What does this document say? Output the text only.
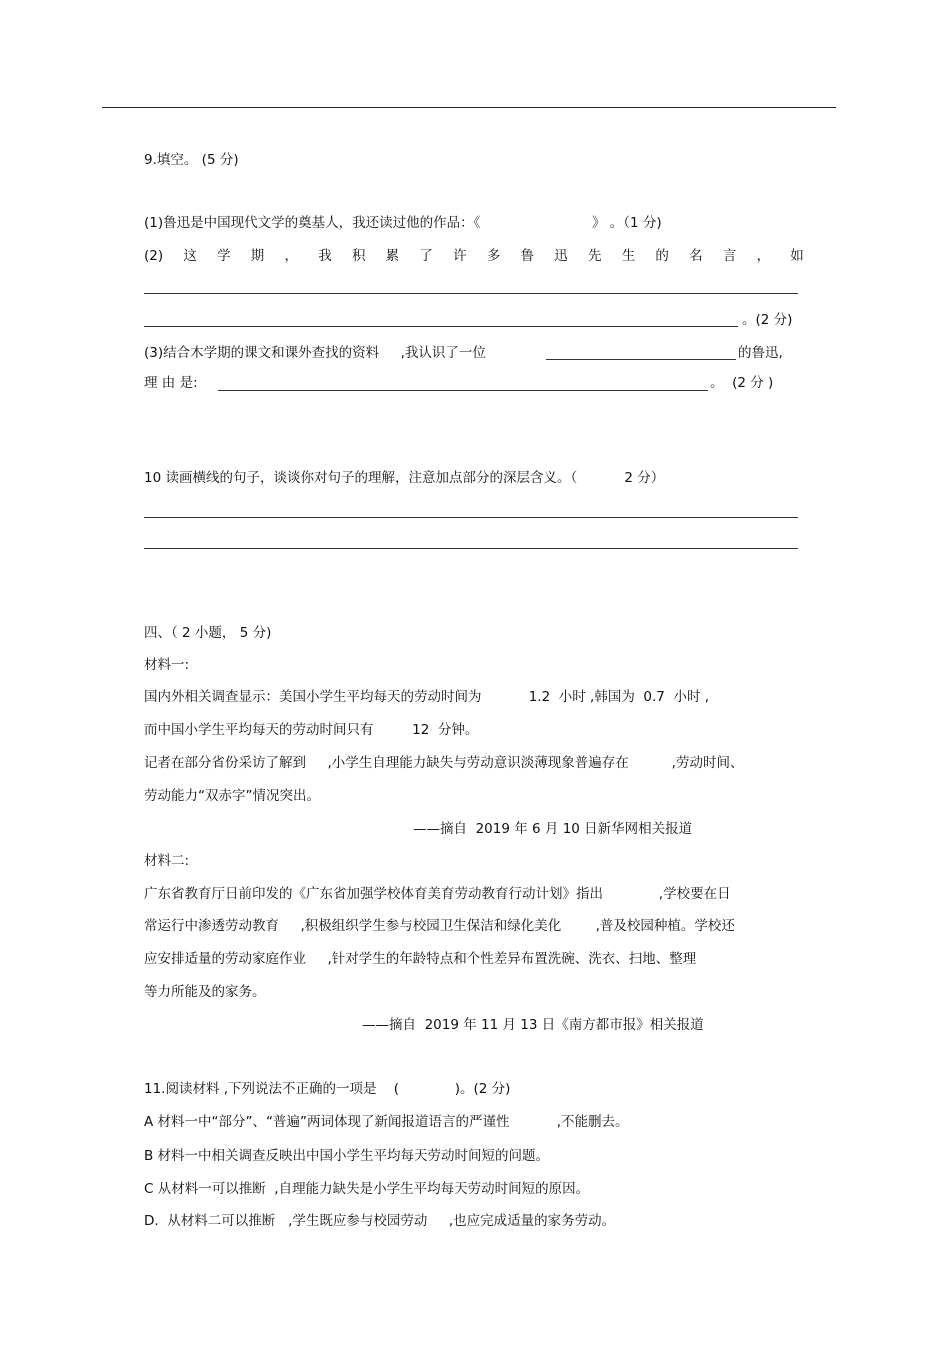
9.填空。 (5 分)
(1)鲁迅是中国现代文学的奠基人，我还读过他的作品：《                          》 。（1 分)
(2) 这 学 期 ， 我 积 累 了 许 多 鲁 迅 先 生 的 名 言 ， 如
。(2 分)
(3)结合木学期的课文和课外查找的资料     ,我认识了一位	的鲁迅,
理 由 是:	。  (2 分 )
10 读画横线的句子，谈谈你对句子的理解，注意加点部分的深层含义。（           2 分）
四、（ 2 小题， 5 分)
材料一:
国内外相关调查显示：美国小学生平均每天的劳动时间为           1.2  小时 ,韩国为  0.7  小时 ,
而中国小学生平均每天的劳动时间只有         12  分钟。
记者在部分省份采访了解到     ,小学生自理能力缺失与劳动意识淡薄现象普遍存在          ,劳动时间、
劳动能力“双赤字”情况突出。
——摘自  2019 年 6 月 10 日新华网相关报道
材料二:
广东省教育厅日前印发的《广东省加强学校体育美育劳动教育行动计划》指出             ,学校要在日
常运行中渗透劳动教育     ,积极组织学生参与校园卫生保洁和绿化美化        ,普及校园种植。学校还
应安排适量的劳动家庭作业     ,针对学生的年龄特点和个性差异布置洗碗、洗衣、扫地、整理
等力所能及的家务。
——摘自  2019 年 11 月 13 日《南方都市报》相关报道
11.阅读材料 ,下列说法不正确的一项是    (             )。(2 分)
A 材料一中“部分”、“普遍”两词体现了新闻报道语言的严谨性           ,不能删去。
B 材料一中相关调查反映出中国小学生平均每天劳动时间短的问题。
C 从材料一可以推断  ,自理能力缺失是小学生平均每天劳动时间短的原因。
D.  从材料二可以推断   ,学生既应参与校园劳动     ,也应完成适量的家务劳动。
